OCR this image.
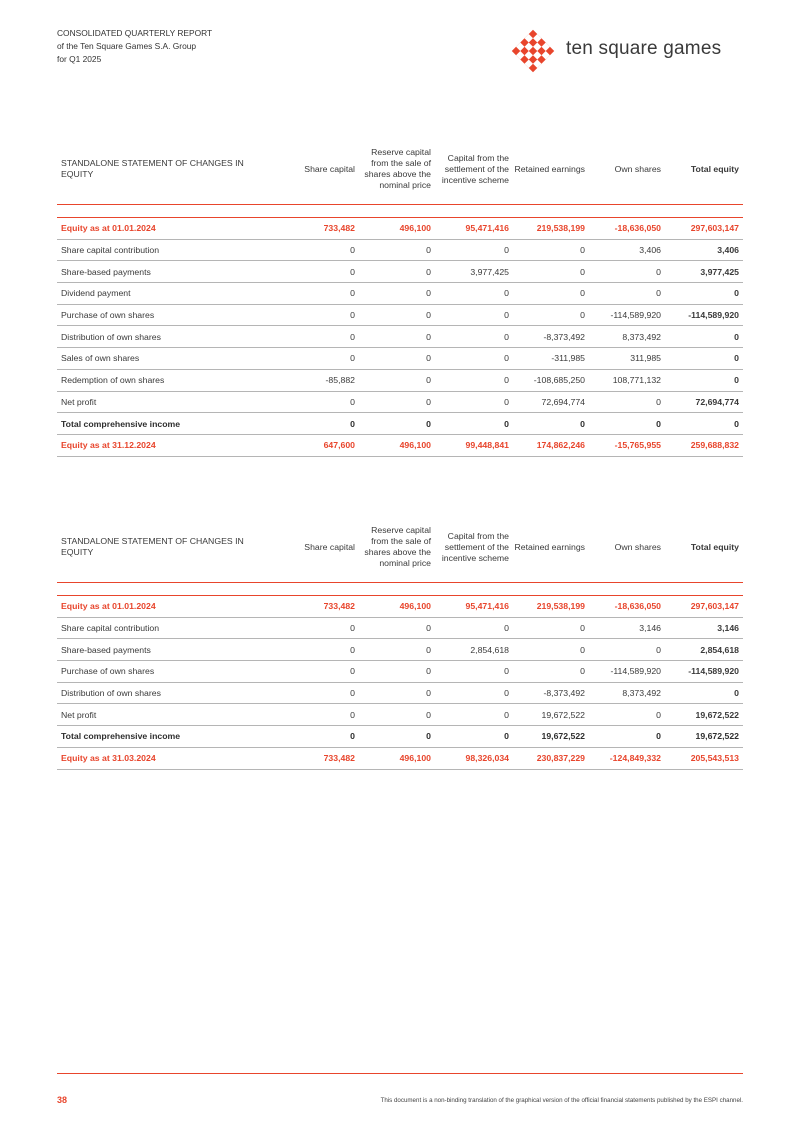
CONSOLIDATED QUARTERLY REPORT
of the Ten Square Games S.A. Group
for Q1 2025	ten square games
STANDALONE STATEMENT OF CHANGES IN EQUITY	Share capital	Reserve capital from the sale of shares above the nominal price	Capital from the settlement of the incentive scheme	Retained earnings	Own shares	Total equity

Equity as at 01.01.2024	733,482	496,100	95,471,416	219,538,199	-18,636,050	297,603,147
Share capital contribution	0	0	0	0	3,406	3,406
Share-based payments	0	0	3,977,425	0	0	3,977,425
Dividend payment	0	0	0	0	0	0
Purchase of own shares	0	0	0	0	-114,589,920	-114,589,920
Distribution of own shares	0	0	0	-8,373,492	8,373,492	0
Sales of own shares	0	0	0	-311,985	311,985	0
Redemption of own shares	-85,882	0	0	-108,685,250	108,771,132	0
Net profit	0	0	0	72,694,774	0	72,694,774
Total comprehensive income	0	0	0	0	0	0
Equity as at 31.12.2024	647,600	496,100	99,448,841	174,862,246	-15,765,955	259,688,832
STANDALONE STATEMENT OF CHANGES IN EQUITY	Share capital	Reserve capital from the sale of shares above the nominal price	Capital from the settlement of the incentive scheme	Retained earnings	Own shares	Total equity

Equity as at 01.01.2024	733,482	496,100	95,471,416	219,538,199	-18,636,050	297,603,147
Share capital contribution	0	0	0	0	3,146	3,146
Share-based payments	0	0	2,854,618	0	0	2,854,618
Purchase of own shares	0	0	0	0	-114,589,920	-114,589,920
Distribution of own shares	0	0	0	-8,373,492	8,373,492	0
Net profit	0	0	0	19,672,522	0	19,672,522
Total comprehensive income	0	0	0	19,672,522	0	19,672,522
Equity as at 31.03.2024	733,482	496,100	98,326,034	230,837,229	-124,849,332	205,543,513
38	This document is a non-binding translation of the graphical version of the official financial statements published by the ESPI channel.
